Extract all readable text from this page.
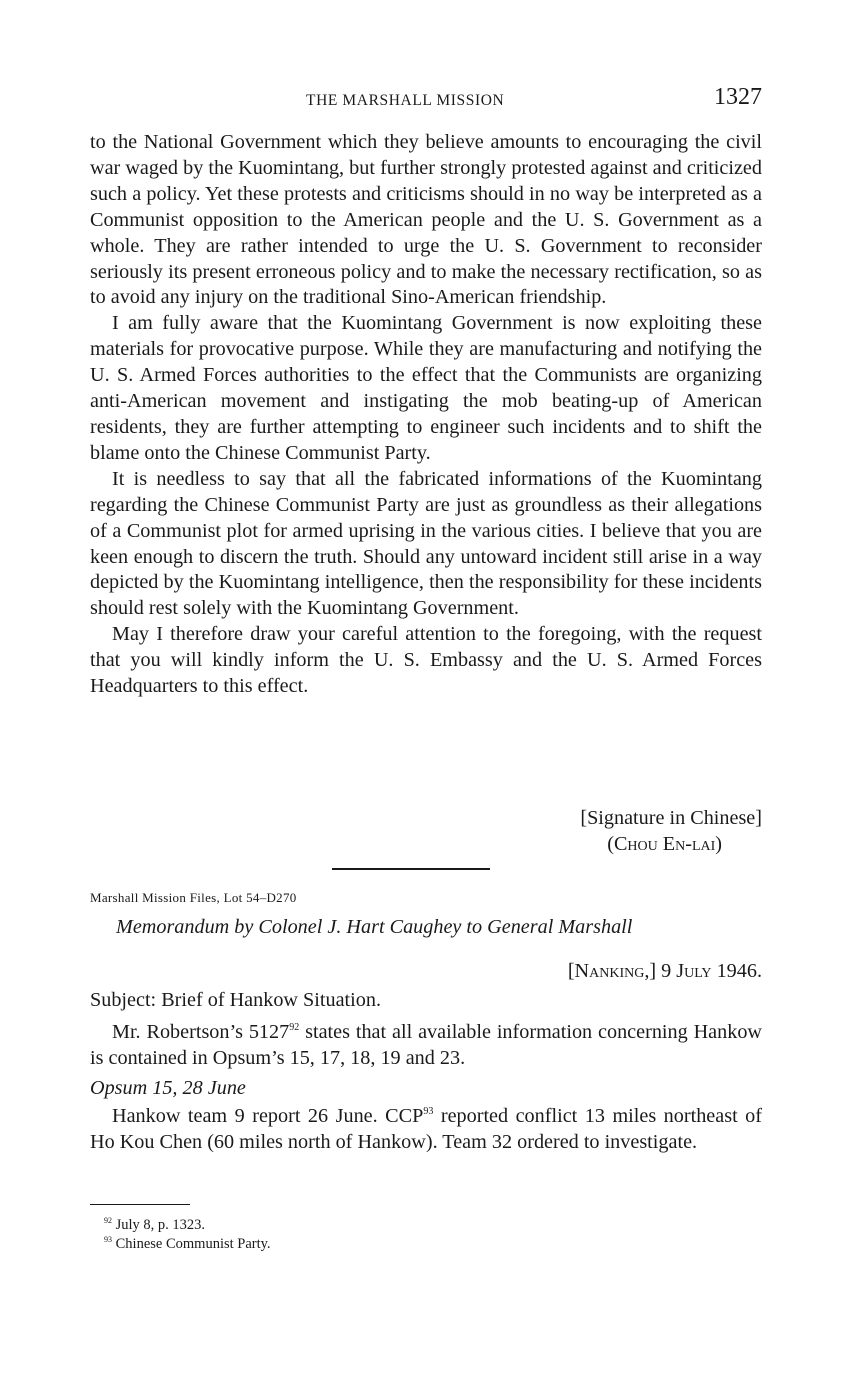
THE MARSHALL MISSION	1327

to the National Government which they believe amounts to encouraging the civil war waged by the Kuomintang, but further strongly protested against and criticized such a policy. Yet these protests and criticisms should in no way be interpreted as a Communist opposition to the American people and the U. S. Government as a whole. They are rather intended to urge the U. S. Government to reconsider seriously its present erroneous policy and to make the necessary rectification, so as to avoid any injury on the traditional Sino-American friendship.

I am fully aware that the Kuomintang Government is now exploiting these materials for provocative purpose. While they are manufacturing and notifying the U. S. Armed Forces authorities to the effect that the Communists are organizing anti-American movement and instigating the mob beating-up of American residents, they are further attempting to engineer such incidents and to shift the blame onto the Chinese Communist Party.

It is needless to say that all the fabricated informations of the Kuomintang regarding the Chinese Communist Party are just as groundless as their allegations of a Communist plot for armed uprising in the various cities. I believe that you are keen enough to discern the truth. Should any untoward incident still arise in a way depicted by the Kuomintang intelligence, then the responsibility for these incidents should rest solely with the Kuomintang Government.

May I therefore draw your careful attention to the foregoing, with the request that you will kindly inform the U. S. Embassy and the U. S. Armed Forces Headquarters to this effect.

[Signature in Chinese]
(Chou En-lai)
Marshall Mission Files, Lot 54–D270
Memorandum by Colonel J. Hart Caughey to General Marshall
[Nanking,] 9 July 1946.

Subject: Brief of Hankow Situation.

Mr. Robertson’s 5127$^{92}$ states that all available information concerning Hankow is contained in Opsum’s 15, 17, 18, 19 and 23.

Opsum 15, 28 June

Hankow team 9 report 26 June. CCP$^{93}$ reported conflict 13 miles northeast of Ho Kou Chen (60 miles north of Hankow). Team 32 ordered to investigate.

$^{92}$ July 8, p. 1323.

$^{93}$ Chinese Communist Party.
